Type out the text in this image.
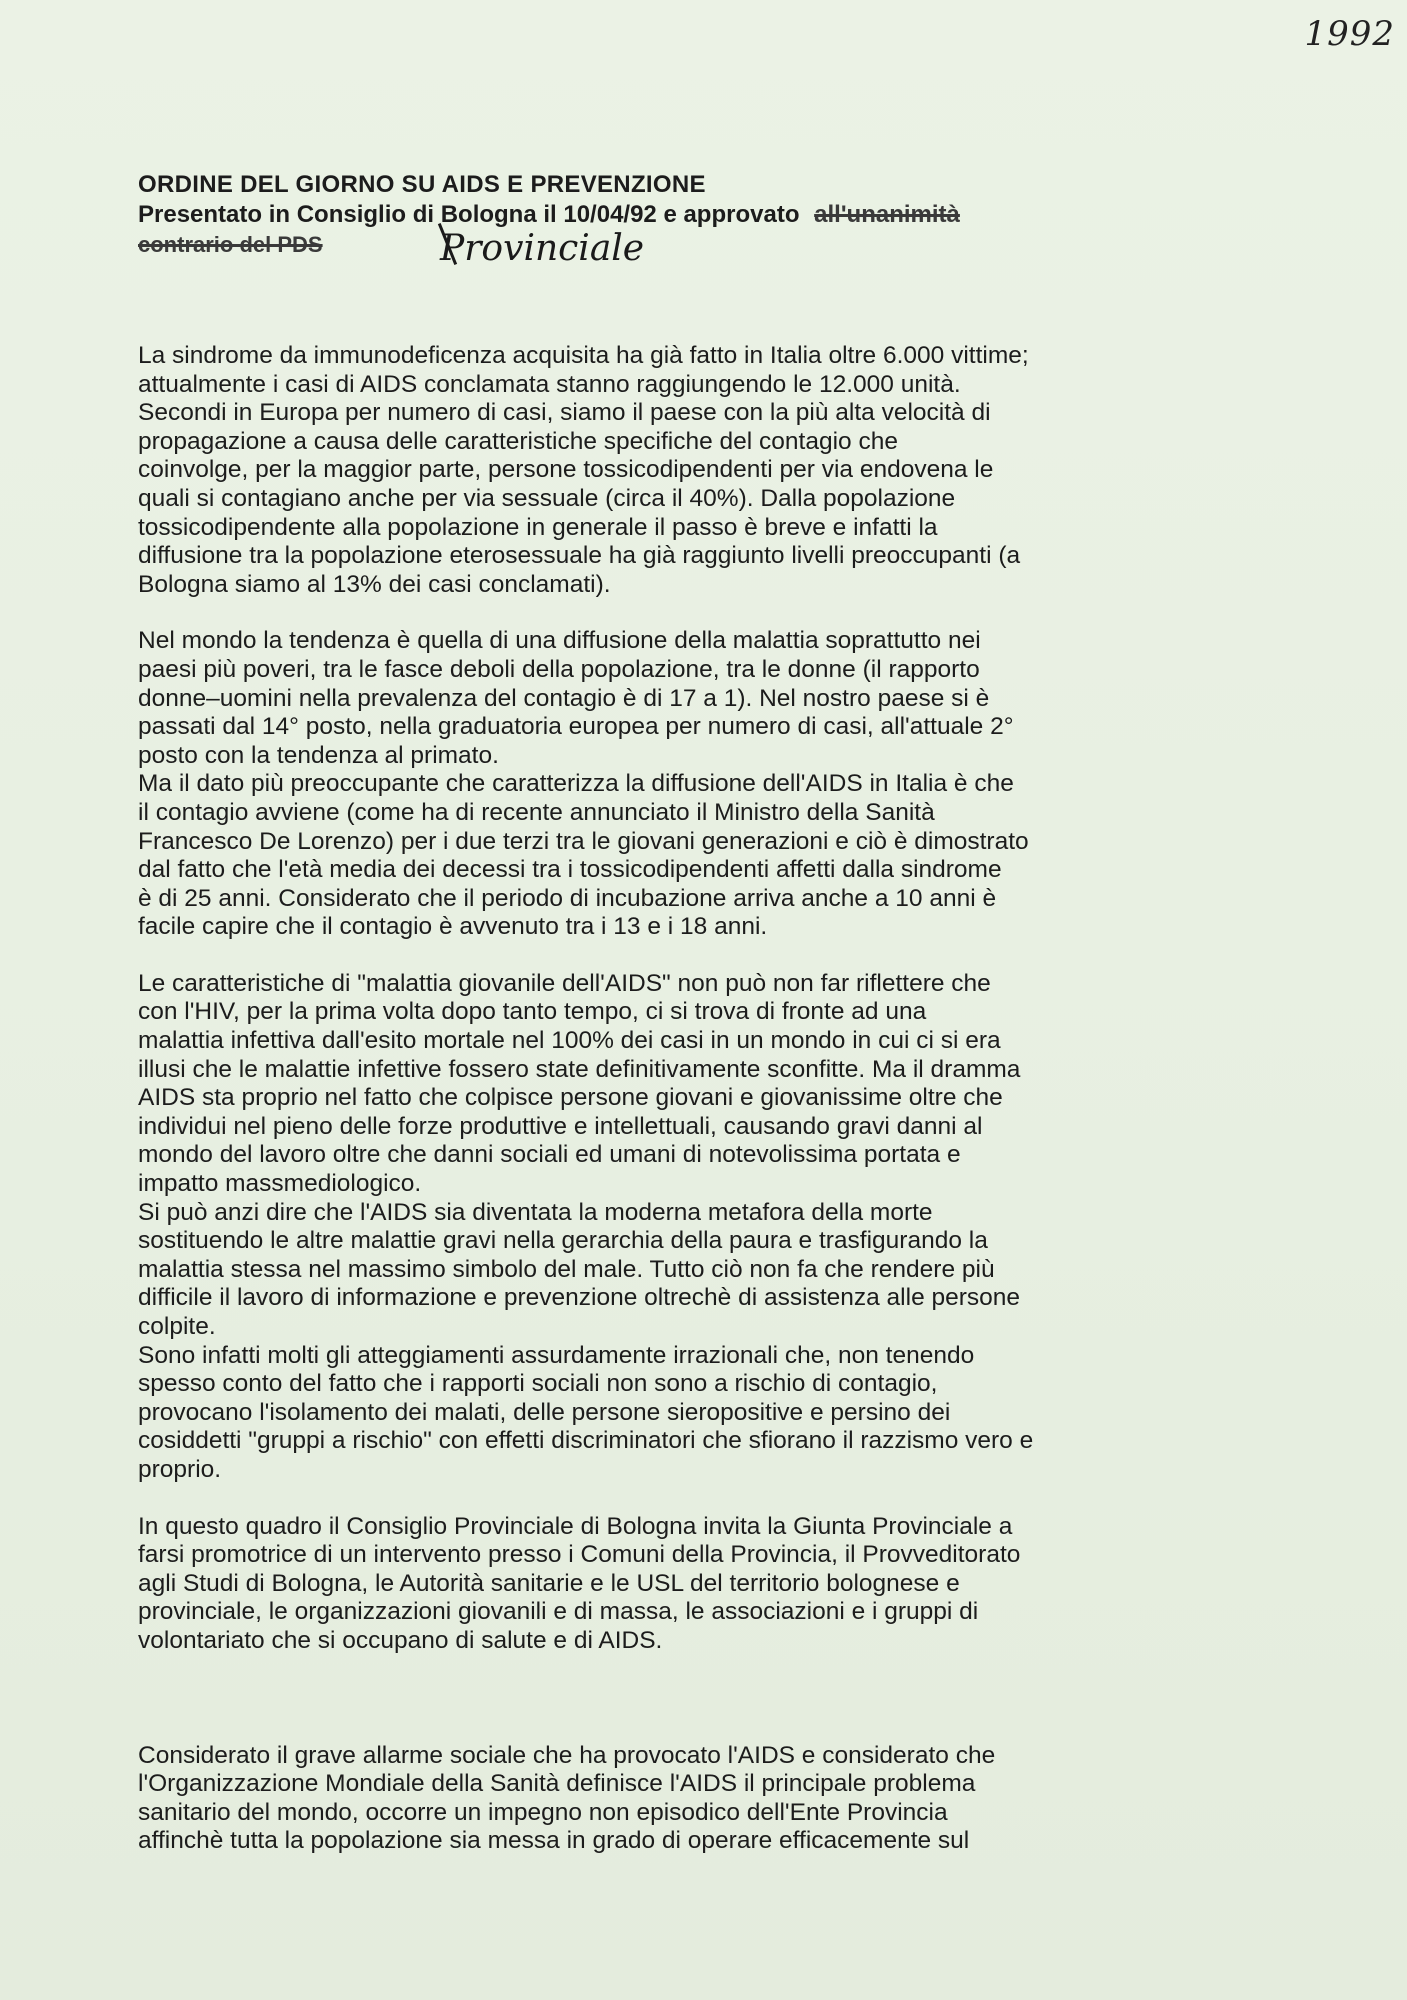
1992
ORDINE DEL GIORNO SU AIDS E PREVENZIONE
Presentato in Consiglio di Bologna il 10/04/92 e approvato all'unanimità
contrario del PDS	Provinciale

La sindrome da immunodeficenza acquisita ha già fatto in Italia oltre 6.000 vittime;
attualmente i casi di AIDS conclamata stanno raggiungendo le 12.000 unità.
Secondi in Europa per numero di casi, siamo il paese con la più alta velocità di
propagazione a causa delle caratteristiche specifiche del contagio che
coinvolge, per la maggior parte, persone tossicodipendenti per via endovena le
quali si contagiano anche per via sessuale (circa il 40%). Dalla popolazione
tossicodipendente alla popolazione in generale il passo è breve e infatti la
diffusione tra la popolazione eterosessuale ha già raggiunto livelli preoccupanti (a
Bologna siamo al 13% dei casi conclamati).

Nel mondo la tendenza è quella di una diffusione della malattia soprattutto nei
paesi più poveri, tra le fasce deboli della popolazione, tra le donne (il rapporto
donne–uomini nella prevalenza del contagio è di 17 a 1). Nel nostro paese si è
passati dal 14° posto, nella graduatoria europea per numero di casi, all'attuale 2°
posto con la tendenza al primato.
Ma il dato più preoccupante che caratterizza la diffusione dell'AIDS in Italia è che
il contagio avviene (come ha di recente annunciato il Ministro della Sanità
Francesco De Lorenzo) per i due terzi tra le giovani generazioni e ciò è dimostrato
dal fatto che l'età media dei decessi tra i tossicodipendenti affetti dalla sindrome
è di 25 anni. Considerato che il periodo di incubazione arriva anche a 10 anni è
facile capire che il contagio è avvenuto tra i 13 e i 18 anni.

Le caratteristiche di "malattia giovanile dell'AIDS" non può non far riflettere che
con l'HIV, per la prima volta dopo tanto tempo, ci si trova di fronte ad una
malattia infettiva dall'esito mortale nel 100% dei casi in un mondo in cui ci si era
illusi che le malattie infettive fossero state definitivamente sconfitte. Ma il dramma
AIDS sta proprio nel fatto che colpisce persone giovani e giovanissime oltre che
individui nel pieno delle forze produttive e intellettuali, causando gravi danni al
mondo del lavoro oltre che danni sociali ed umani di notevolissima portata e
impatto massmediologico.
Si può anzi dire che l'AIDS sia diventata la moderna metafora della morte
sostituendo le altre malattie gravi nella gerarchia della paura e trasfigurando la
malattia stessa nel massimo simbolo del male. Tutto ciò non fa che rendere più
difficile il lavoro di informazione e prevenzione oltrechè di assistenza alle persone
colpite.
Sono infatti molti gli atteggiamenti assurdamente irrazionali che, non tenendo
spesso conto del fatto che i rapporti sociali non sono a rischio di contagio,
provocano l'isolamento dei malati, delle persone sieropositive e persino dei
cosiddetti "gruppi a rischio" con effetti discriminatori che sfiorano il razzismo vero e
proprio.

In questo quadro il Consiglio Provinciale di Bologna invita la Giunta Provinciale a
farsi promotrice di un intervento presso i Comuni della Provincia, il Provveditorato
agli Studi di Bologna, le Autorità sanitarie e le USL del territorio bolognese e
provinciale, le organizzazioni giovanili e di massa, le associazioni e i gruppi di
volontariato che si occupano di salute e di AIDS.

Considerato il grave allarme sociale che ha provocato l'AIDS e considerato che
l'Organizzazione Mondiale della Sanità definisce l'AIDS il principale problema
sanitario del mondo, occorre un impegno non episodico dell'Ente Provincia
affinchè tutta la popolazione sia messa in grado di operare efficacemente sul
